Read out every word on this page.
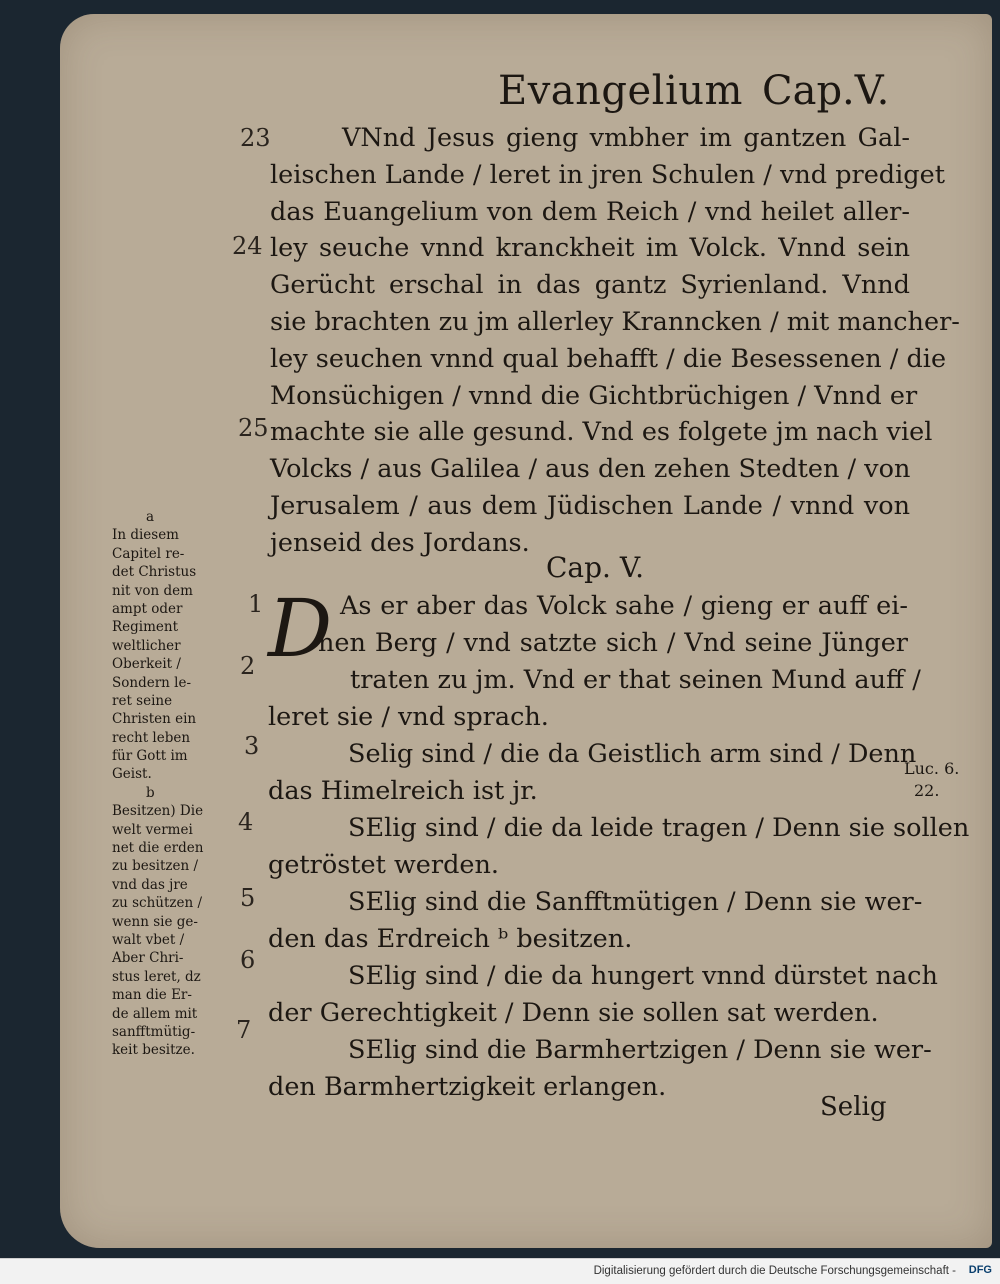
Evangelium Cap.V.
23
24
25
1
2
3
4
5
6
7
VNnd Jesus gieng vmbher im gantzen Gal-
leischen Lande / leret in jren Schulen / vnd prediget
das Euangelium von dem Reich / vnd heilet aller-
ley seuche vnnd kranckheit im Volck. Vnnd sein
Gerücht erschal in das gantz Syrienland. Vnnd
sie brachten zu jm allerley Kranncken / mit mancher-
ley seuchen vnnd qual behafft / die Besessenen / die
Monsüchigen / vnnd die Gichtbrüchigen / Vnnd er
machte sie alle gesund. Vnd es folgete jm nach viel
Volcks / aus Galilea / aus den zehen Stedten / von
Jerusalem / aus dem Jüdischen Lande / vnnd von
jenseid des Jordans.
Cap. V.
D As er aber das Volck sahe / gieng er auff ei-
nen Berg / vnd satzte sich / Vnd seine Jünger
traten zu jm. Vnd er that seinen Mund auff /
leret sie / vnd sprach.
Selig sind / die da Geistlich arm sind / Denn
das Himelreich ist jr.
SElig sind / die da leide tragen / Denn sie sollen
getröstet werden.
SElig sind die Sanfftmütigen / Denn sie wer-
den das Erdreich ᵇ besitzen.
SElig sind / die da hungert vnnd dürstet nach
der Gerechtigkeit / Denn sie sollen sat werden.
SElig sind die Barmhertzigen / Denn sie wer-
den Barmhertzigkeit erlangen.
a
In diesem
Capitel re-
det Christus
nit von dem
ampt oder
Regiment
weltlicher
Oberkeit /
Sondern le-
ret seine
Christen ein
recht leben
für Gott im
Geist.
b
Besitzen) Die
welt vermei
net die erden
zu besitzen /
vnd das jre
zu schützen /
wenn sie ge-
walt vbet /
Aber Chri-
stus leret, dz
man die Er-
de allem mit
sanfftmütig-
keit besitze.
Luc. 6.
22.
Selig
Digitalisierung gefördert durch die Deutsche Forschungsgemeinschaft - DFG
